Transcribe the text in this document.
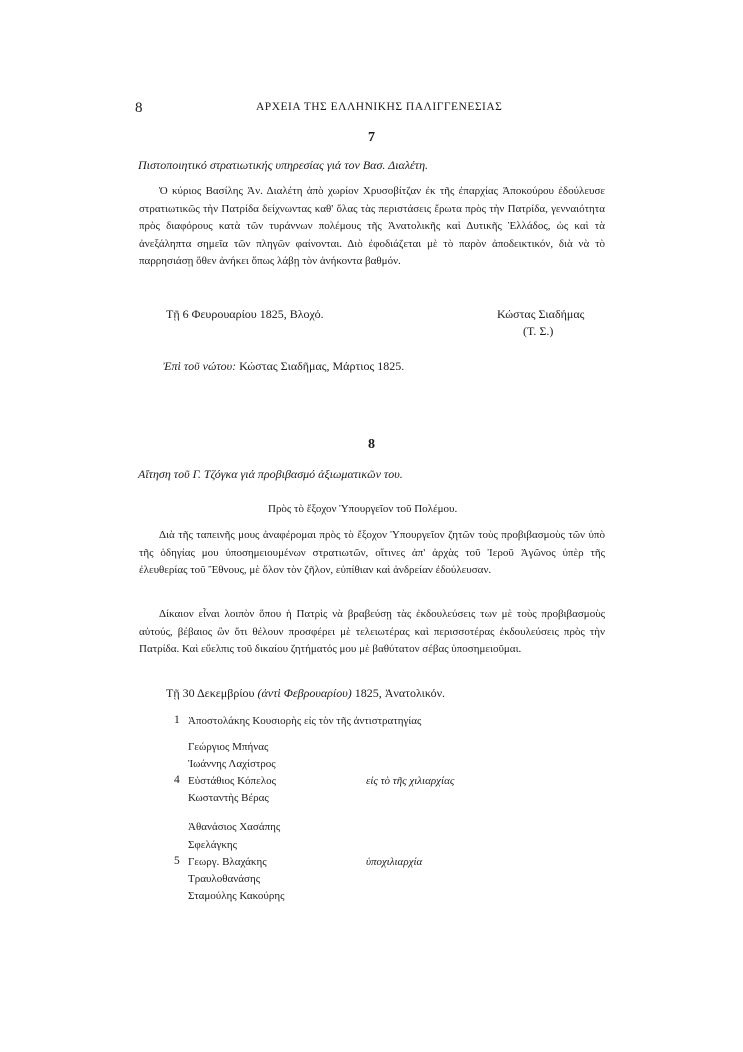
8	ΑΡΧΕΙΑ ΤΗΣ ΕΛΛΗΝΙΚΗΣ ΠΑΛΙΓΓΕΝΕΣΙΑΣ
7
Πιστοποιητικό στρατιωτικής υπηρεσίας γιά τον Βασ. Διαλέτη.

Ὁ κύριος Βασίλης Ἀν. Διαλέτη ἀπὸ χωρίον Χρυσοβίτζαν ἐκ τῆς ἐπαρχίας Ἀποκούρου ἐδούλευσε στρατιωτικῶς τὴν Πατρίδα δείχνωντας καθ' ὅλας τὰς περιστάσεις ἔρωτα πρὸς τὴν Πατρίδα, γενναιότητα πρὸς διαφόρους κατὰ τῶν τυράννων πολέμους τῆς Ἀνατολικῆς καὶ Δυτικῆς Ἑλλάδος, ὡς καὶ τὰ ἀνεξάληπτα σημεῖα τῶν πληγῶν φαίνονται. Διὸ ἐφοδιάζεται μὲ τὸ παρὸν ἀποδεικτικόν, διὰ νὰ τὸ παρρησιάσῃ ὅθεν ἀνήκει ὅπως λάβῃ τὸν ἀνήκοντα βαθμόν.

Τῇ 6 Φευρουαρίου 1825, Βλοχό.	Κώστας Σιαδήμας
(Τ. Σ.)
Ἐπὶ τοῦ νώτου: Κώστας Σιαδῆμας, Μάρτιος 1825.
8
Αἴτηση τοῦ Γ. Τζόγκα γιά προβιβασμό ἀξιωματικῶν του.
Πρὸς τὸ ἔξοχον Ὑπουργεῖον τοῦ Πολέμου.

Διὰ τῆς ταπεινῆς μους ἀναφέρομαι πρὸς τὸ ἔξοχον Ὑπουργεῖον ζητῶν τοὺς προβιβασμοὺς τῶν ὑπὸ τῆς ὁδηγίας μου ὑποσημειουμένων στρατιωτῶν, οἵτινες ἀπ' ἀρχὰς τοῦ Ἱεροῦ Ἀγῶνος ὑπὲρ τῆς ἐλευθερίας τοῦ Ἔθνους, μὲ ὅλον τὸν ζῆλον, εὐπίθιαν καὶ ἀνδρείαν ἐδούλευσαν.

Δίκαιον εἶναι λοιπὸν ὅπου ἡ Πατρὶς νὰ βραβεύσῃ τὰς ἐκδουλεύσεις των μὲ τοὺς προβιβασμοὺς αὐτούς, βέβαιος ὢν ὅτι θέλουν προσφέρει μὲ τελειωτέρας καὶ περισσοτέρας ἐκδουλεύσεις πρὸς τὴν Πατρίδα. Καὶ εὔελπις τοῦ δικαίου ζητήματός μου μὲ βαθύτατον σέβας ὑποσημειοῦμαι.

Τῇ 30 Δεκεμβρίου (ἀντὶ Φεβρουαρίου) 1825, Ἀνατολικόν.
1 Ἀποστολάκης Κουσιορὴς εἰς τὸν τῆς ἀντιστρατηγίας
Γεώργιος Μπήνας
Ἰωάννης Λαχίστρος
4 Εὐστάθιος Κόπελος	εἰς τὸ τῆς χιλιαρχίας
Κωσταντὴς Βέρας
Ἀθανάσιος Χασάπης
Σφελάγκης
5 Γεωργ. Βλαχάκης	ὑποχιλιαρχία
Τραυλοθανάσης
Σταμούλης Κακούρης
